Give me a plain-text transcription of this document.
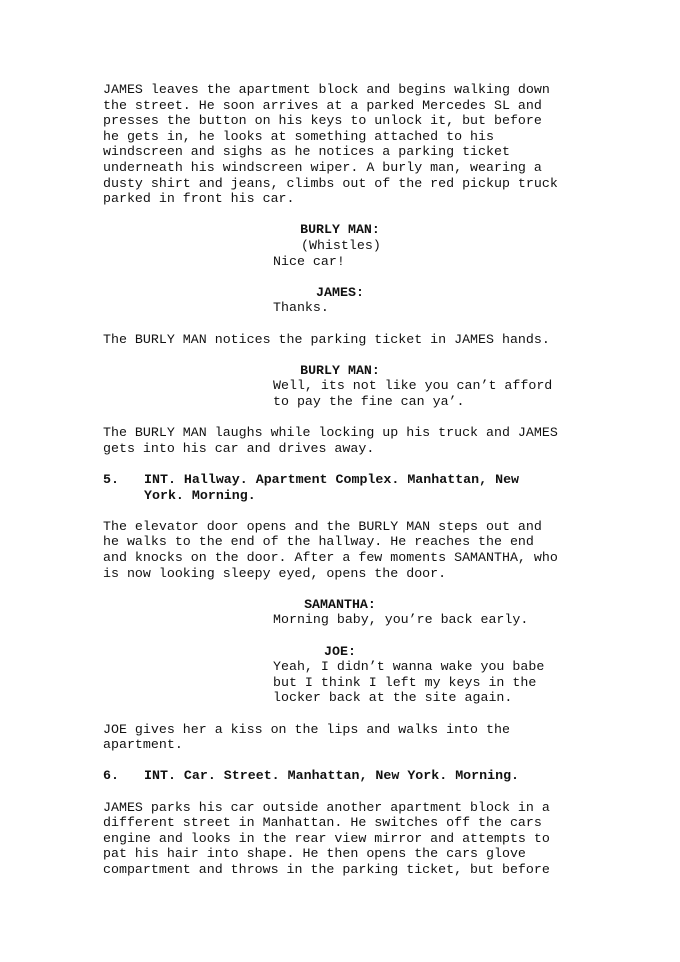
JAMES leaves the apartment block and begins walking down
the street. He soon arrives at a parked Mercedes SL and
presses the button on his keys to unlock it, but before
he gets in, he looks at something attached to his
windscreen and sighs as he notices a parking ticket
underneath his windscreen wiper. A burly man, wearing a
dusty shirt and jeans, climbs out of the red pickup truck
parked in front his car.
BURLY MAN:
(Whistles)
Nice car!
JAMES:
Thanks.
The BURLY MAN notices the parking ticket in JAMES hands.
BURLY MAN:
Well, its not like you can’t afford
to pay the fine can ya’.
The BURLY MAN laughs while locking up his truck and JAMES
gets into his car and drives away.
5. INT. Hallway. Apartment Complex. Manhattan, New
York. Morning.
The elevator door opens and the BURLY MAN steps out and
he walks to the end of the hallway. He reaches the end
and knocks on the door. After a few moments SAMANTHA, who
is now looking sleepy eyed, opens the door.
SAMANTHA:
Morning baby, you’re back early.
JOE:
Yeah, I didn’t wanna wake you babe
but I think I left my keys in the
locker back at the site again.
JOE gives her a kiss on the lips and walks into the
apartment.
6. INT. Car. Street. Manhattan, New York. Morning.
JAMES parks his car outside another apartment block in a
different street in Manhattan. He switches off the cars
engine and looks in the rear view mirror and attempts to
pat his hair into shape. He then opens the cars glove
compartment and throws in the parking ticket, but before
